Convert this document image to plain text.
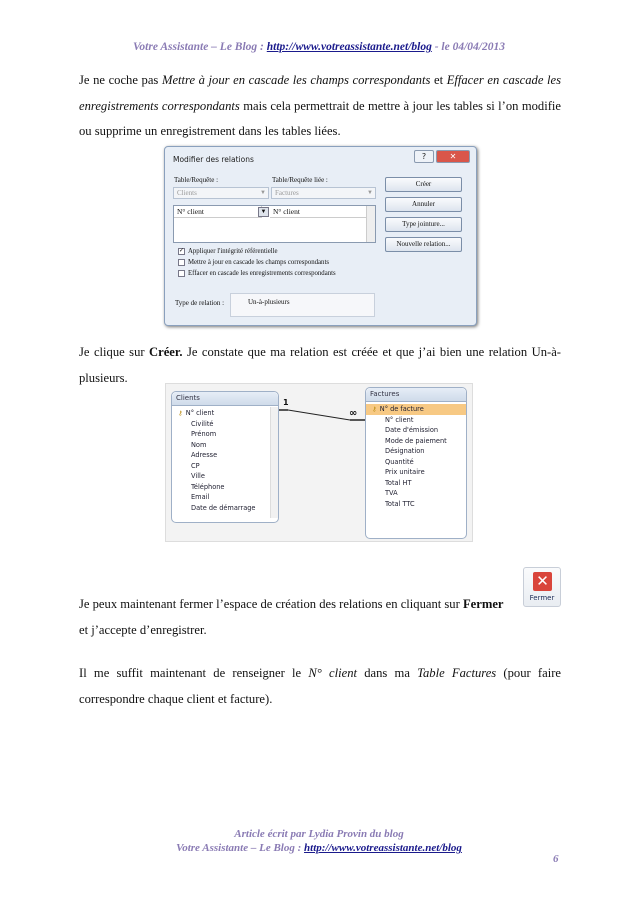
Votre Assistante – Le Blog : http://www.votreassistante.net/blog - le 04/04/2013
Je ne coche pas Mettre à jour en cascade les champs correspondants et Effacer en cascade les enregistrements correspondants mais cela permettrait de mettre à jour les tables si l’on modifie ou supprime un enregistrement dans les tables liées.
Modifier des relations	?	✕
Table/Requête :	Table/Requête liée :
Clients	▼	Factures	▼
N° client	▼ N° client
Créer
Annuler
Type jointure...
Nouvelle relation...
✓ Appliquer l'intégrité référentielle
Mettre à jour en cascade les champs correspondants
Effacer en cascade les enregistrements correspondants
Type de relation :	Un-à-plusieurs
Je clique sur Créer. Je constate que ma relation est créée et que j’ai bien une relation Un-à-plusieurs.
Clients
⚷ N° client
Civilité
Prénom
Nom
Adresse
CP
Ville
Téléphone
Email
Date de démarrage
Factures
⚷ N° de facture
N° client
Date d'émission
Mode de paiement
Désignation
Quantité
Prix unitaire
Total HT
TVA
Total TTC
1
∞
Je peux maintenant fermer l’espace de création des relations en cliquant sur Fermer
et j’accepte d’enregistrer.
✕
Fermer
Il me suffit maintenant de renseigner le N° client dans ma Table Factures (pour faire correspondre chaque client et facture).
Article écrit par Lydia Provin du blog
Votre Assistante – Le Blog : http://www.votreassistante.net/blog
6
